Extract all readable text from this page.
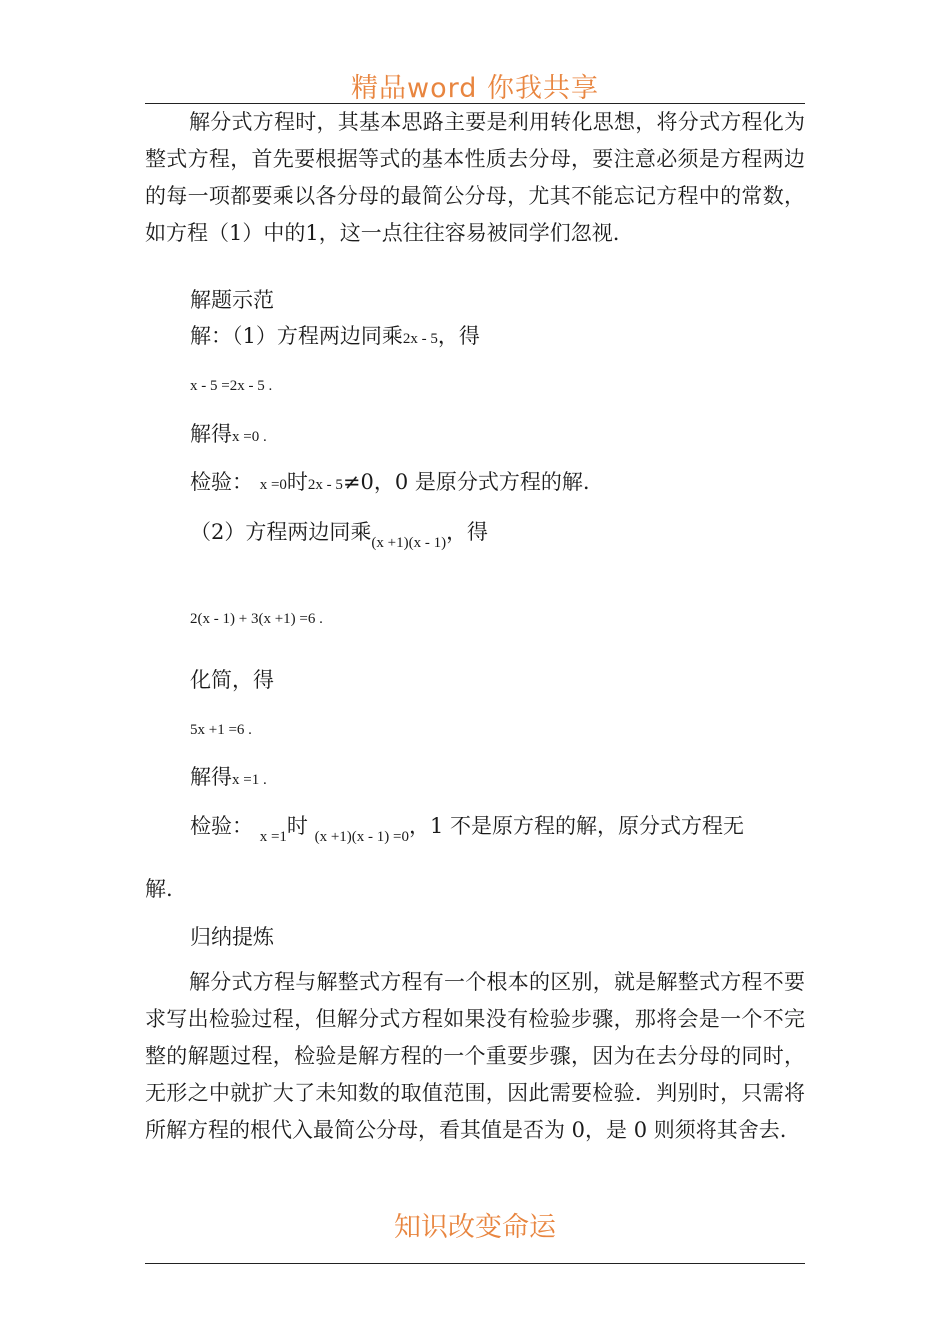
精品word 你我共享

解分式方程时，其基本思路主要是利用转化思想，将分式方程化为整式方程，首先要根据等式的基本性质去分母，要注意必须是方程两边的每一项都要乘以各分母的最简公分母，尤其不能忘记方程中的常数，如方程（1）中的1，这一点往往容易被同学们忽视.

解题示范
解：（1）方程两边同乘2x - 5，得
x - 5 =2x - 5 .
解得x =0 .
检验： x =0时2x - 5≠0，0 是原分式方程的解.
（2）方程两边同乘$_{(x +1)(x - 1)}$，得
2(x - 1) + 3(x +1) =6 .
化简，得
5x +1 =6 .
解得x =1 .
检验： $_{x =1}$时 $_{(x +1)(x - 1) =0}$，1 不是原方程的解，原分式方程无
解.
归纳提炼

解分式方程与解整式方程有一个根本的区别，就是解整式方程不要求写出检验过程，但解分式方程如果没有检验步骤，那将会是一个不完整的解题过程，检验是解方程的一个重要步骤，因为在去分母的同时，无形之中就扩大了未知数的取值范围，因此需要检验．判别时，只需将所解方程的根代入最简公分母，看其值是否为 0，是 0 则须将其舍去.

知识改变命运
